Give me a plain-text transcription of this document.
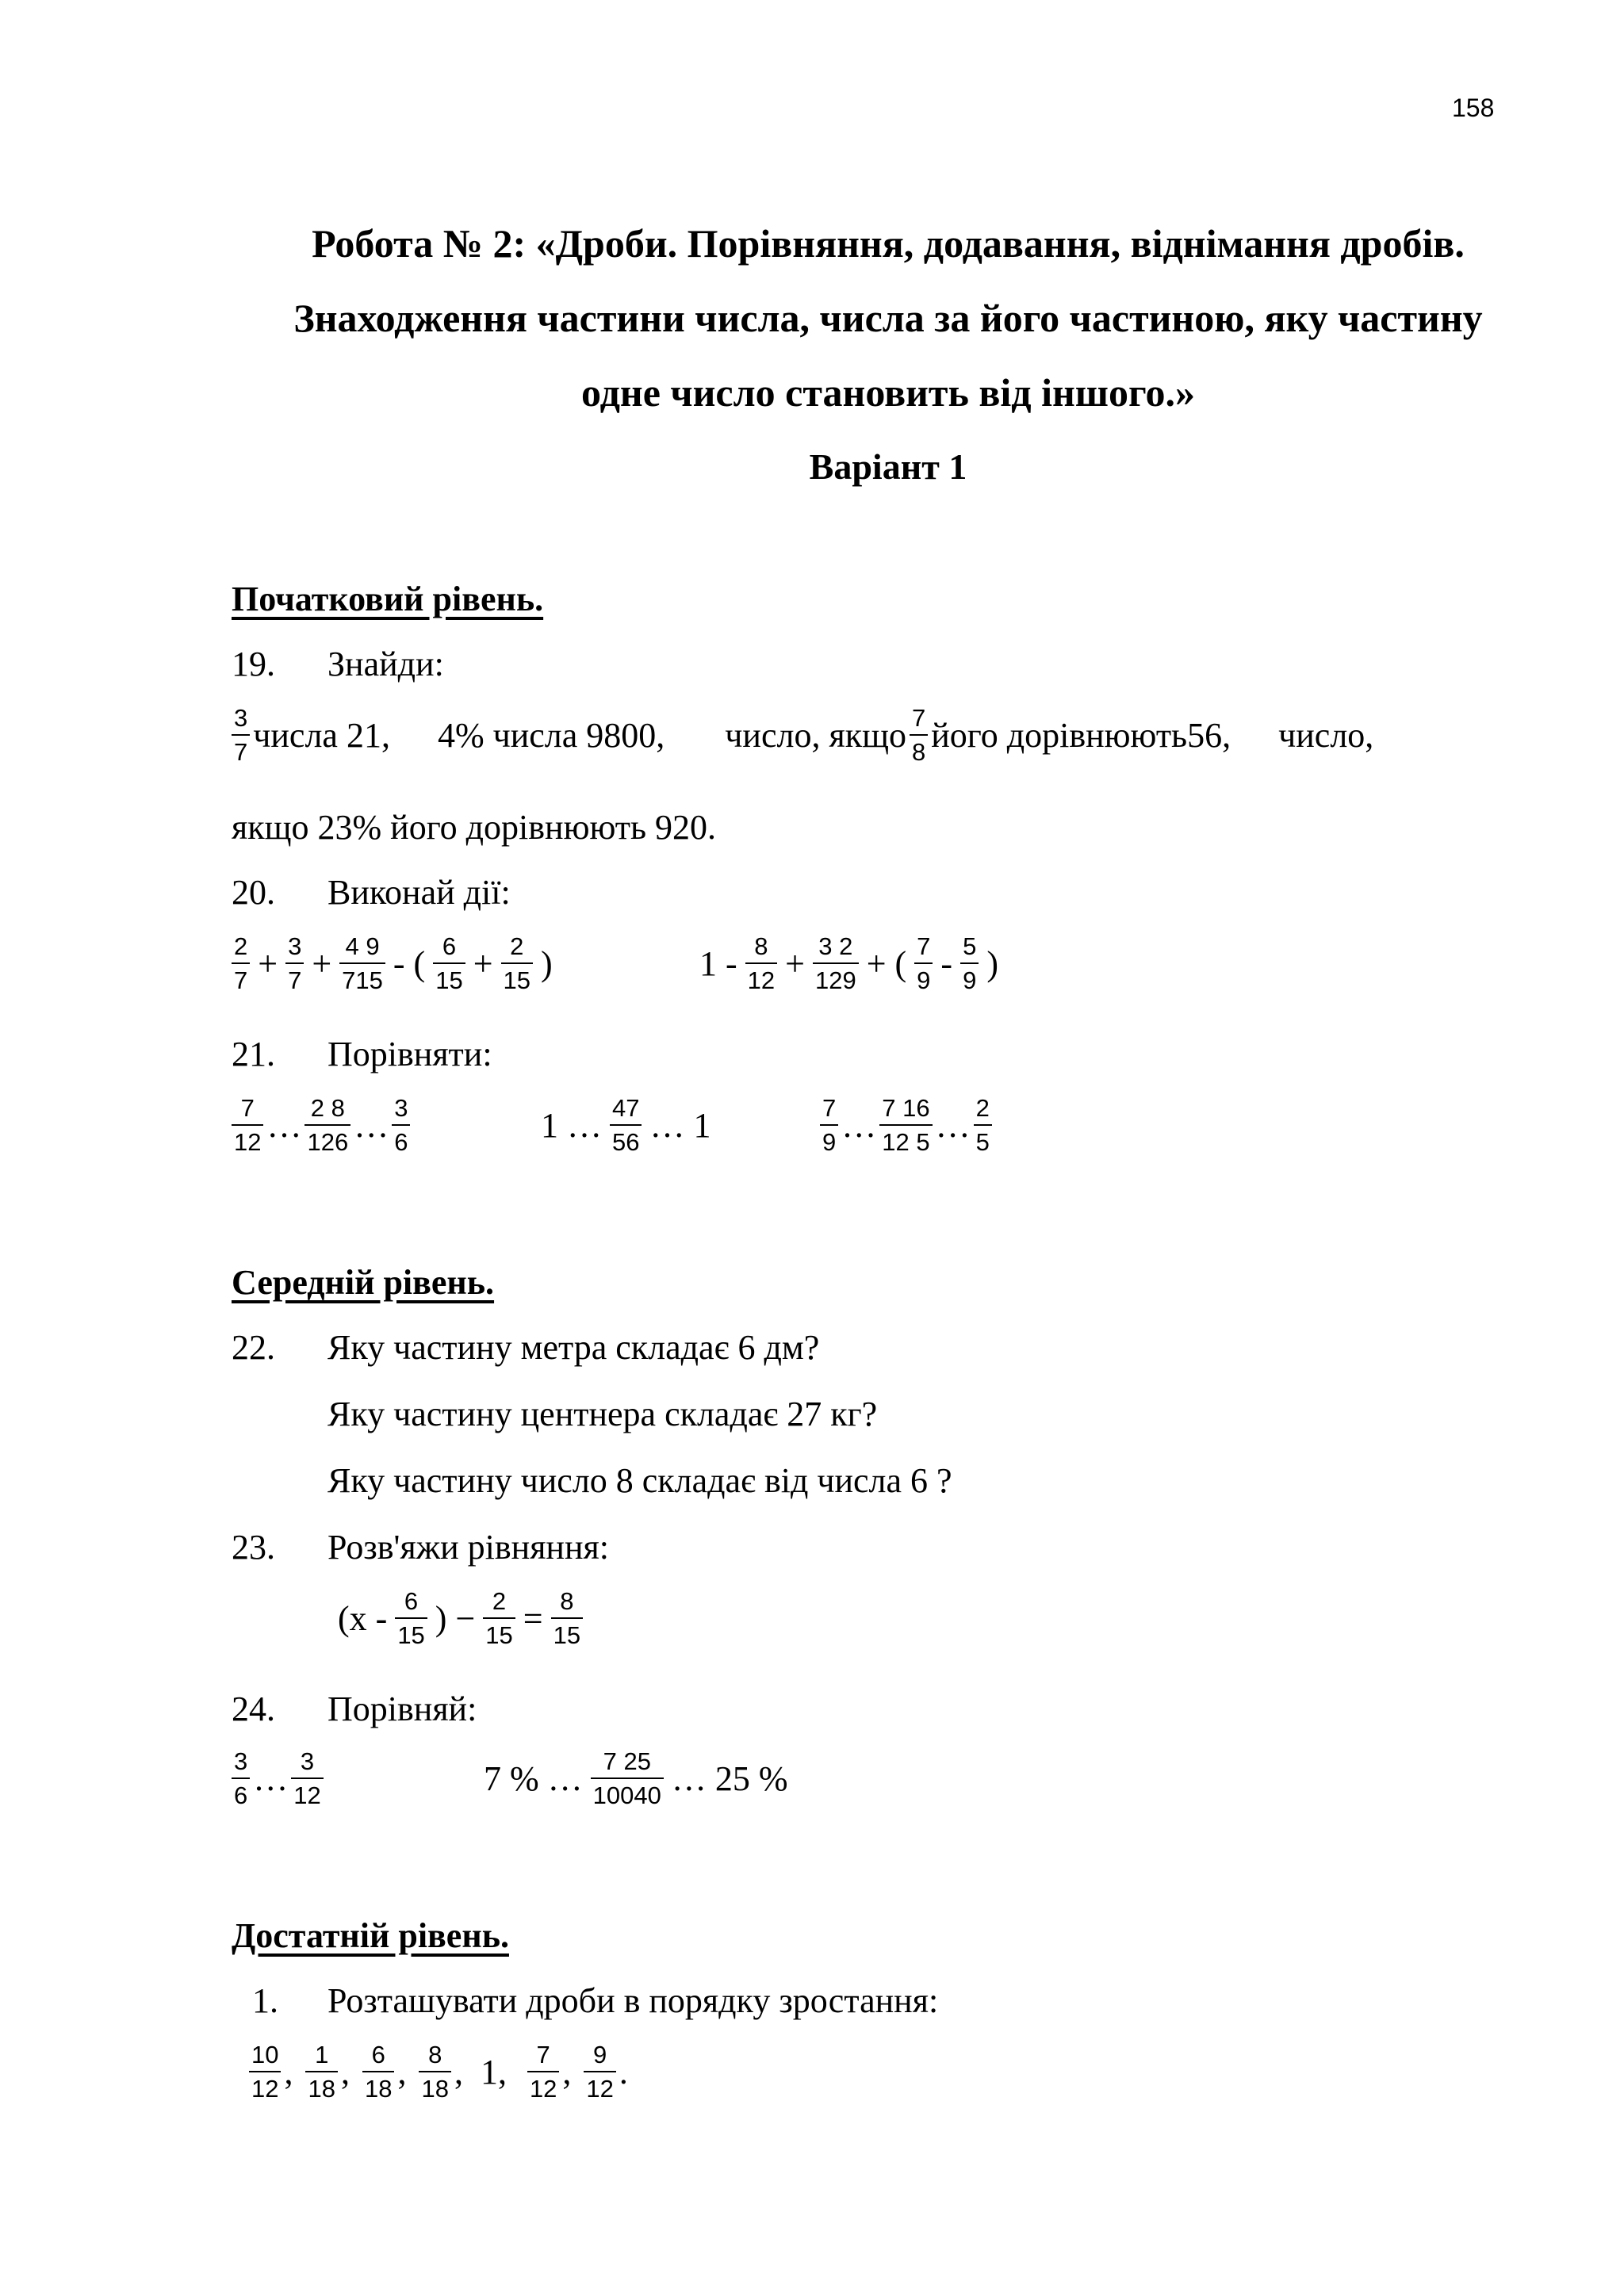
158
Робота № 2: «Дроби. Порівняння, додавання, віднімання дробів.
Знаходження частини числа, числа за його частиною, яку частину
одне число становить від іншого.»
Варіант 1
Початковий рівень.
19. Знайди:
$\frac{3}{7}$ числа 21, 4% числа 9800, число, якщо $\frac{7}{8}$ його дорівнюють56, число,
якщо 23% його дорівнюють 920.
20. Виконай дії:
$\frac{2}{7} + \frac{3}{7} + \frac{4 9}{715}$ - ( $\frac{6}{15} + \frac{2}{15}$ )	$1 - \frac{8}{12} + \frac{3 2}{129}$ + ( $\frac{7}{9} - \frac{5}{9}$ )
21. Порівняти:
$\frac{7}{12}$ … $\frac{2 8}{126}$ … $\frac{3}{6}$	1 … $\frac{47}{56}$ … 1	$\frac{7}{9}$ … $\frac{7 16}{12 5}$ … $\frac{2}{5}$
Середній рівень.
22. Яку частину метра складає 6 дм?
Яку частину центнера складає 27 кг?
Яку частину число 8 складає від числа 6 ?
23. Розв'яжи рівняння:
($x - \frac{6}{15}$ ) − $\frac{2}{15} = \frac{8}{15}$
24. Порівняй:
$\frac{3}{6}$ … $\frac{3}{12}$	7 % … $\frac{7 25}{10040}$ … 25 %
Достатній рівень.
1. Розташувати дроби в порядку зростання:
$\frac{10}{12}$ , $\frac{1}{18}$ , $\frac{6}{18}$ , $\frac{8}{18}$ , 1 , $\frac{7}{12}$ , $\frac{9}{12}$ .
